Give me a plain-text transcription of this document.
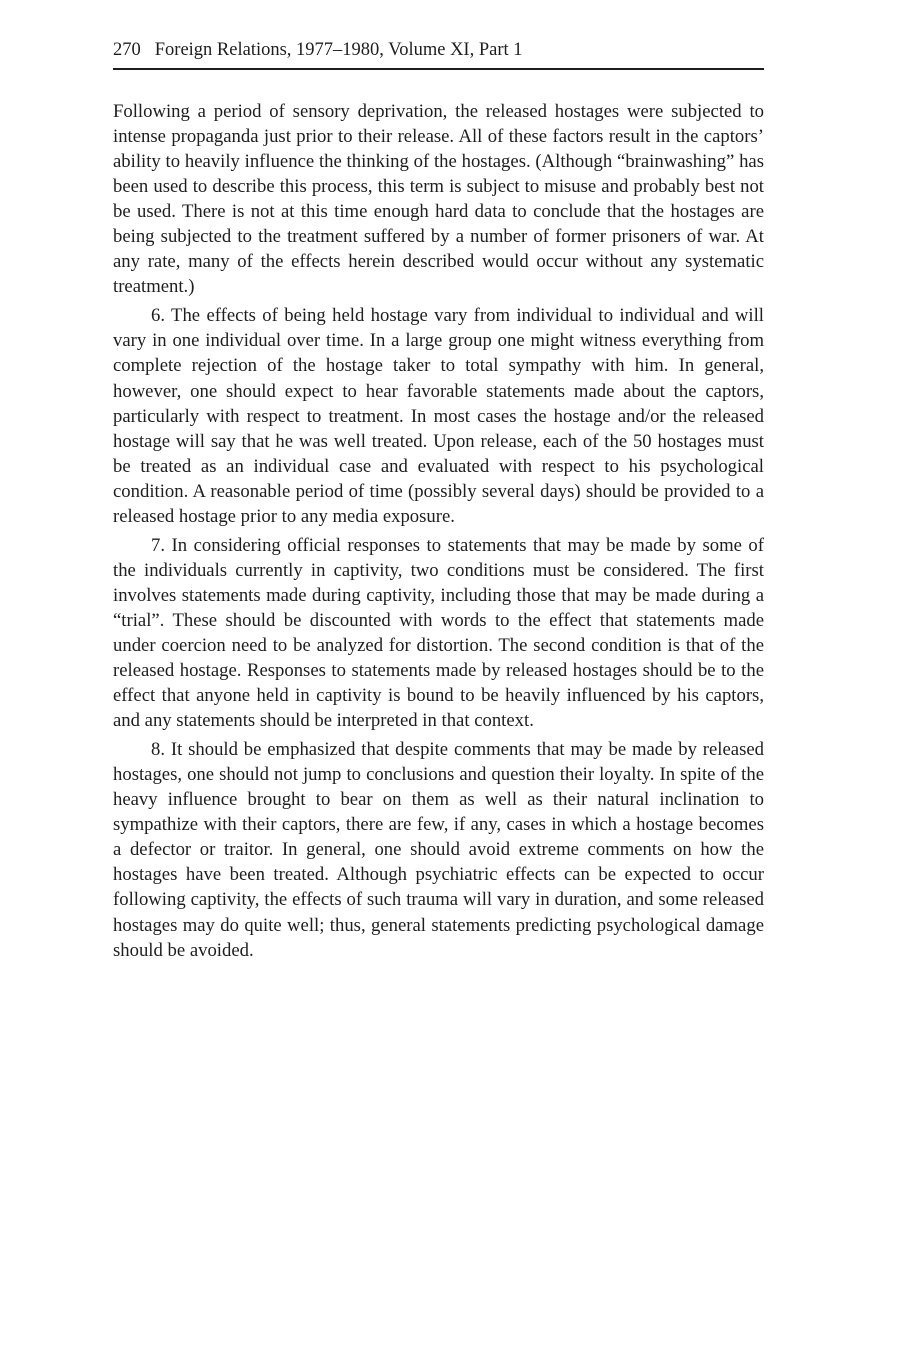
270 Foreign Relations, 1977–1980, Volume XI, Part 1

Following a period of sensory deprivation, the released hostages were subjected to intense propaganda just prior to their release. All of these factors result in the captors’ ability to heavily influence the thinking of the hostages. (Although “brainwashing” has been used to describe this process, this term is subject to misuse and probably best not be used. There is not at this time enough hard data to conclude that the hostages are being subjected to the treatment suffered by a number of former prisoners of war. At any rate, many of the effects herein described would occur without any systematic treatment.)

6. The effects of being held hostage vary from individual to individual and will vary in one individual over time. In a large group one might witness everything from complete rejection of the hostage taker to total sympathy with him. In general, however, one should expect to hear favorable statements made about the captors, particularly with respect to treatment. In most cases the hostage and/or the released hostage will say that he was well treated. Upon release, each of the 50 hostages must be treated as an individual case and evaluated with respect to his psychological condition. A reasonable period of time (possibly several days) should be provided to a released hostage prior to any media exposure.

7. In considering official responses to statements that may be made by some of the individuals currently in captivity, two conditions must be considered. The first involves statements made during captivity, including those that may be made during a “trial”. These should be discounted with words to the effect that statements made under coercion need to be analyzed for distortion. The second condition is that of the released hostage. Responses to statements made by released hostages should be to the effect that anyone held in captivity is bound to be heavily influenced by his captors, and any statements should be interpreted in that context.

8. It should be emphasized that despite comments that may be made by released hostages, one should not jump to conclusions and question their loyalty. In spite of the heavy influence brought to bear on them as well as their natural inclination to sympathize with their captors, there are few, if any, cases in which a hostage becomes a defector or traitor. In general, one should avoid extreme comments on how the hostages have been treated. Although psychiatric effects can be expected to occur following captivity, the effects of such trauma will vary in duration, and some released hostages may do quite well; thus, general statements predicting psychological damage should be avoided.
